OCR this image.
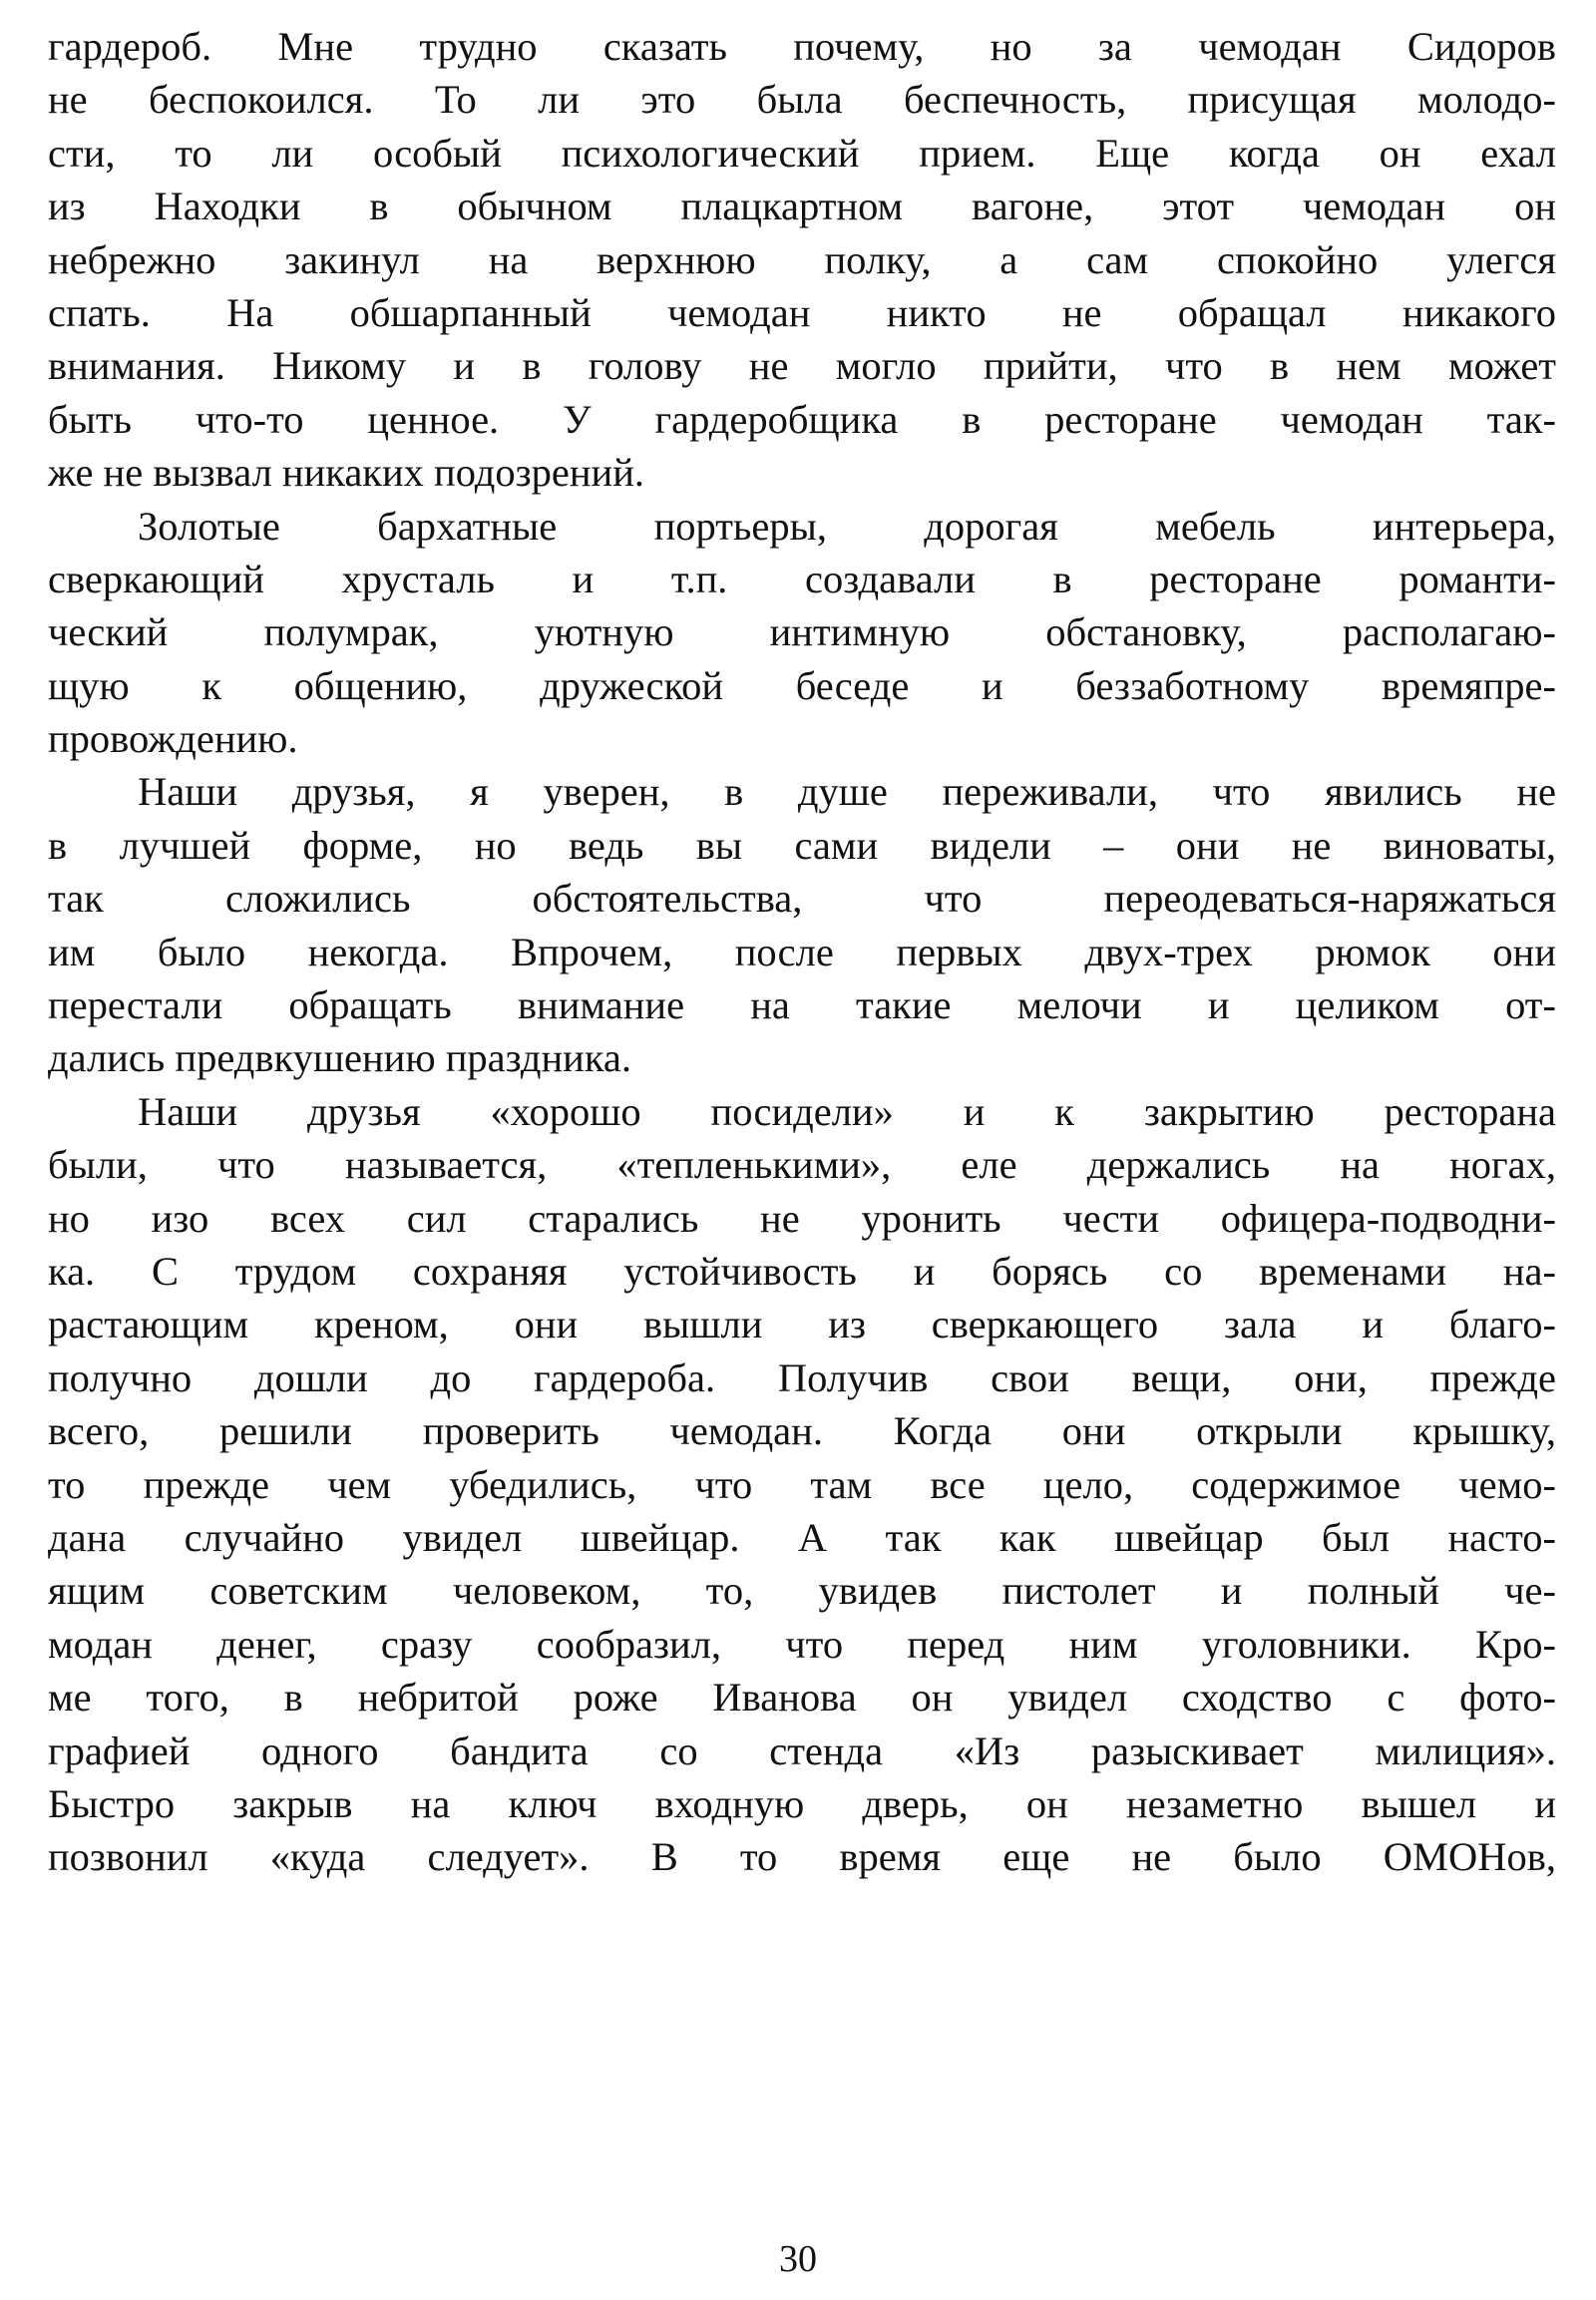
гардероб. Мне трудно сказать почему, но за чемодан Сидоров
не беспокоился. То ли это была беспечность, присущая молодо-
сти, то ли особый психологический прием. Еще когда он ехал
из Находки в обычном плацкартном вагоне, этот чемодан он
небрежно закинул на верхнюю полку, а сам спокойно улегся
спать. На обшарпанный чемодан никто не обращал никакого
внимания. Никому и в голову не могло прийти, что в нем может
быть что-то ценное. У гардеробщика в ресторане чемодан так-
же не вызвал никаких подозрений.
Золотые бархатные портьеры, дорогая мебель интерьера,
сверкающий хрусталь и т.п. создавали в ресторане романти-
ческий полумрак, уютную интимную обстановку, располагаю-
щую к общению, дружеской беседе и беззаботному времяпре-
провождению.
Наши друзья, я уверен, в душе переживали, что явились не
в лучшей форме, но ведь вы сами видели – они не виноваты,
так сложились обстоятельства, что переодеваться-наряжаться
им было некогда. Впрочем, после первых двух-трех рюмок они
перестали обращать внимание на такие мелочи и целиком от-
дались предвкушению праздника.
Наши друзья «хорошо посидели» и к закрытию ресторана
были, что называется, «тепленькими», еле держались на ногах,
но изо всех сил старались не уронить чести офицера-подводни-
ка. С трудом сохраняя устойчивость и борясь со временами на-
растающим креном, они вышли из сверкающего зала и благо-
получно дошли до гардероба. Получив свои вещи, они, прежде
всего, решили проверить чемодан. Когда они открыли крышку,
то прежде чем убедились, что там все цело, содержимое чемо-
дана случайно увидел швейцар. А так как швейцар был насто-
ящим советским человеком, то, увидев пистолет и полный че-
модан денег, сразу сообразил, что перед ним уголовники. Кро-
ме того, в небритой роже Иванова он увидел сходство с фото-
графией одного бандита со стенда «Из разыскивает милиция».
Быстро закрыв на ключ входную дверь, он незаметно вышел и
позвонил «куда следует». В то время еще не было ОМОНов,
30
